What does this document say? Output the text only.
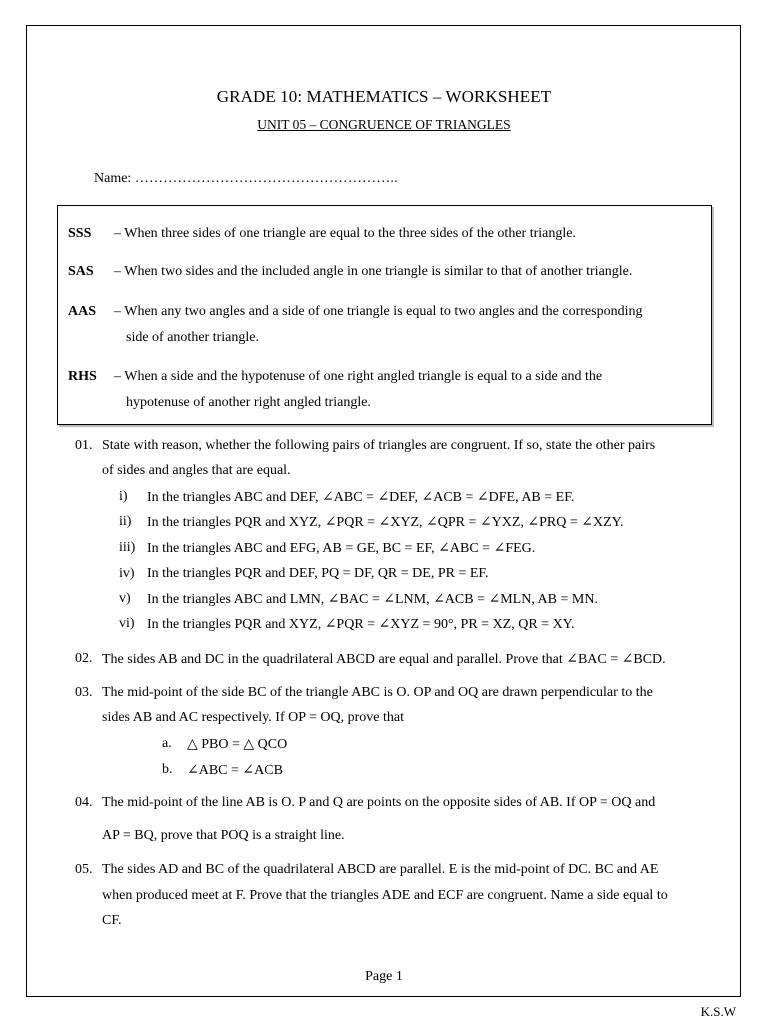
GRADE 10: MATHEMATICS – WORKSHEET
UNIT 05 – CONGRUENCE OF TRIANGLES
Name: ………………………………………………..
SSS	– When three sides of one triangle are equal to the three sides of the other triangle.
SAS	– When two sides and the included angle in one triangle is similar to that of another triangle.
AAS	– When any two angles and a side of one triangle is equal to two angles and the corresponding
side of another triangle.
RHS	– When a side and the hypotenuse of one right angled triangle is equal to a side and the
hypotenuse of another right angled triangle.
01. State with reason, whether the following pairs of triangles are congruent. If so, state the other pairs
of sides and angles that are equal.
i) In the triangles ABC and DEF, ∠ABC = ∠DEF, ∠ACB = ∠DFE, AB = EF.
ii) In the triangles PQR and XYZ, ∠PQR = ∠XYZ, ∠QPR = ∠YXZ, ∠PRQ = ∠XZY.
iii) In the triangles ABC and EFG, AB = GE, BC = EF, ∠ABC = ∠FEG.
iv) In the triangles PQR and DEF, PQ = DF, QR = DE, PR = EF.
v) In the triangles ABC and LMN, ∠BAC = ∠LNM, ∠ACB = ∠MLN, AB = MN.
vi) In the triangles PQR and XYZ, ∠PQR = ∠XYZ = 90°, PR = XZ, QR = XY.
02. The sides AB and DC in the quadrilateral ABCD are equal and parallel. Prove that ∠BAC = ∠BCD.
03. The mid-point of the side BC of the triangle ABC is O. OP and OQ are drawn perpendicular to the
sides AB and AC respectively. If OP = OQ, prove that
a. △ PBO = △ QCO
b. ∠ABC = ∠ACB
04. The mid-point of the line AB is O. P and Q are points on the opposite sides of AB. If OP = OQ and
AP = BQ, prove that POQ is a straight line.
05. The sides AD and BC of the quadrilateral ABCD are parallel. E is the mid-point of DC. BC and AE
when produced meet at F. Prove that the triangles ADE and ECF are congruent. Name a side equal to
CF.
Page 1
K.S.W
